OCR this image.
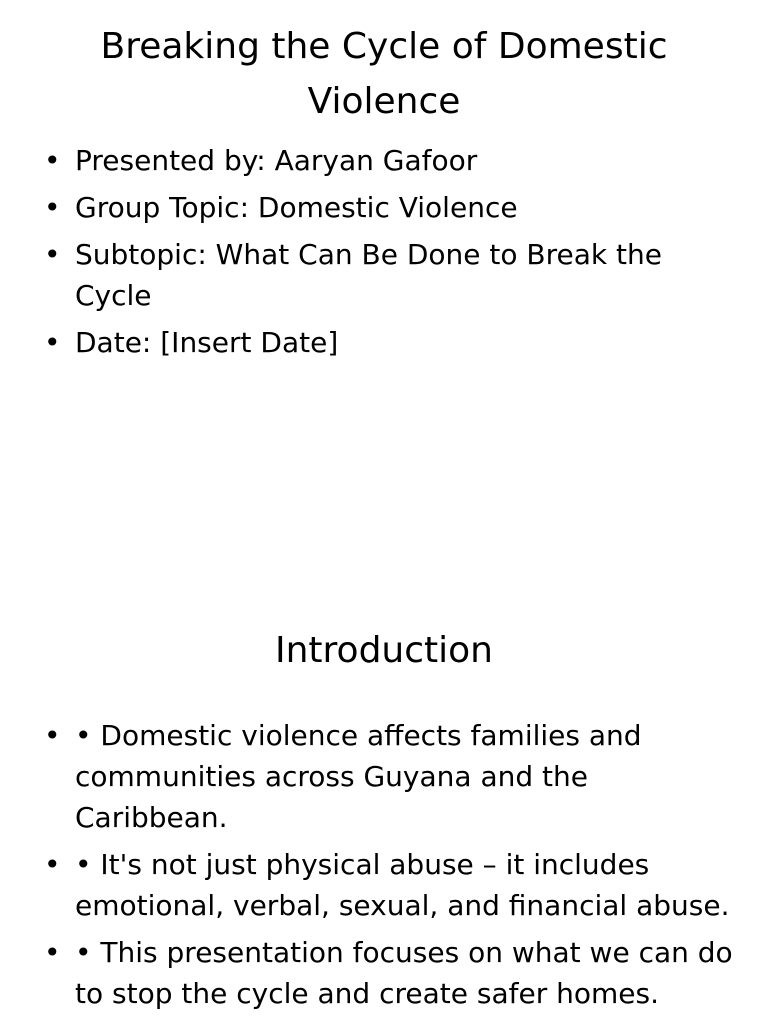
Breaking the Cycle of Domestic Violence
• Presented by: Aaryan Gafoor
• Group Topic: Domestic Violence
• Subtopic: What Can Be Done to Break the Cycle
• Date: [Insert Date]
Introduction
• • Domestic violence affects families and communities across Guyana and the Caribbean.
• • It's not just physical abuse – it includes emotional, verbal, sexual, and financial abuse.
• • This presentation focuses on what we can do to stop the cycle and create safer homes.
